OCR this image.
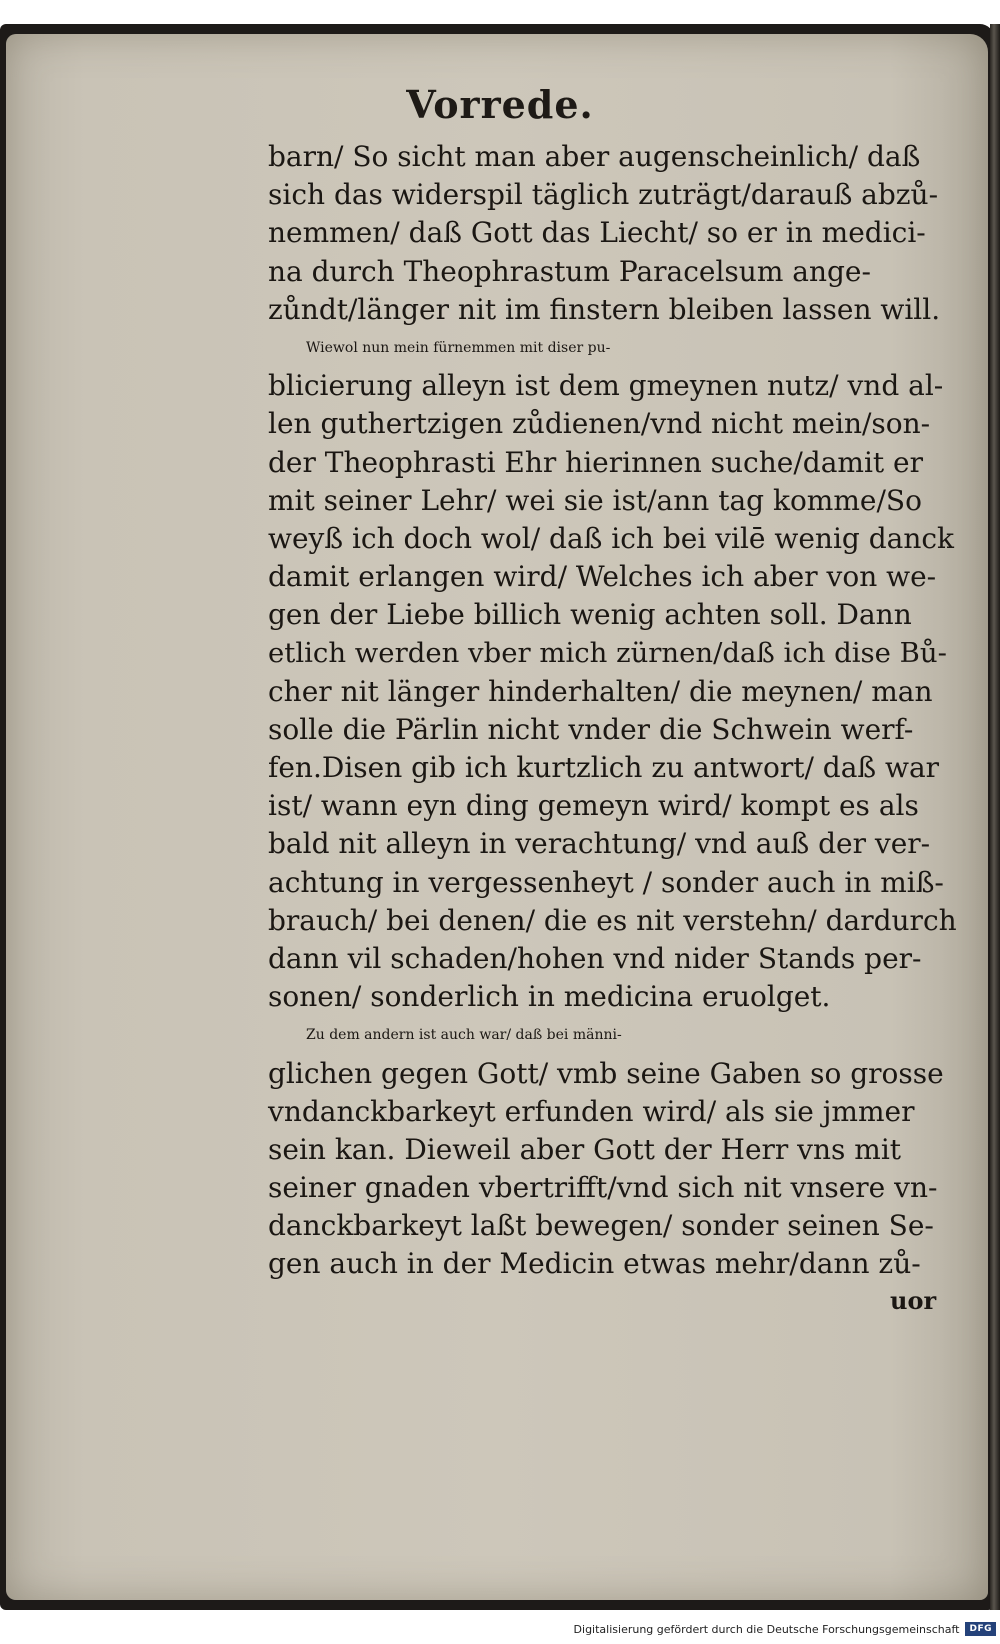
Vorrede.
barn/ So sicht man aber augenscheinlich/ daß
sich das widerspil täglich zuträgt/darauß abzů-
nemmen/ daß Gott das Liecht/ so er in medici-
na durch Theophrastum Paracelsum ange-
zůndt/länger nit im finstern bleiben lassen will.
Wiewol nun mein fürnemmen mit diser pu-
blicierung alleyn ist dem gmeynen nutz/ vnd al-
len guthertzigen zůdienen/vnd nicht mein/son-
der Theophrasti Ehr hierinnen suche/damit er
mit seiner Lehr/ wei sie ist/ann tag komme/So
weyß ich doch wol/ daß ich bei vilē wenig danck
damit erlangen wird/ Welches ich aber von we-
gen der Liebe billich wenig achten soll. Dann
etlich werden vber mich zürnen/daß ich dise Bů-
cher nit länger hinderhalten/ die meynen/ man
solle die Pärlin nicht vnder die Schwein werf-
fen.Disen gib ich kurtzlich zu antwort/ daß war
ist/ wann eyn ding gemeyn wird/ kompt es als
bald nit alleyn in verachtung/ vnd auß der ver-
achtung in vergessenheyt / sonder auch in miß-
brauch/ bei denen/ die es nit verstehn/ dardurch
dann vil schaden/hohen vnd nider Stands per-
sonen/ sonderlich in medicina eruolget.
Zu dem andern ist auch war/ daß bei männi-
glichen gegen Gott/ vmb seine Gaben so grosse
vndanckbarkeyt erfunden wird/ als sie jmmer
sein kan. Dieweil aber Gott der Herr vns mit
seiner gnaden vbertrifft/vnd sich nit vnsere vn-
danckbarkeyt laßt bewegen/ sonder seinen Se-
gen auch in der Medicin etwas mehr/dann zů-
uor
Digitalisierung gefördert durch die Deutsche Forschungsgemeinschaft	DFG
